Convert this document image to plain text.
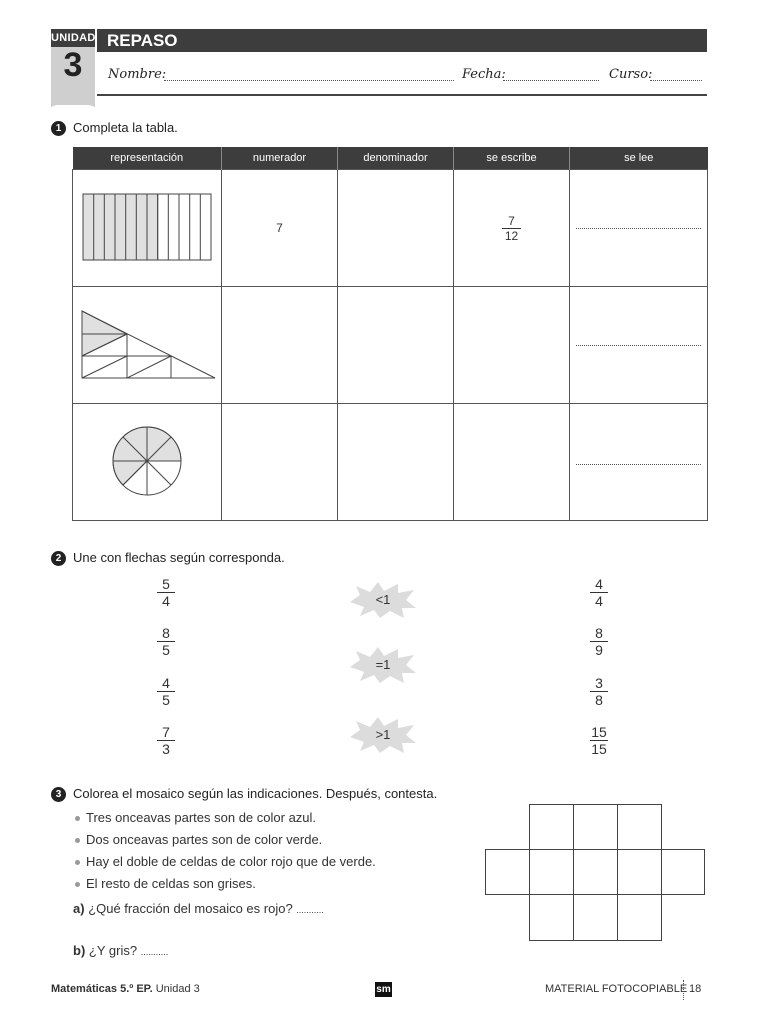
UNIDAD
3
REPASO
Nombre:	Fecha:	Curso:
1 Completa la tabla.
representación	numerador	denominador	se escribe	se lee
	7		$\frac{7}{12}$

2 Une con flechas según corresponda.
5
4
8
5
4
5
7
3
<1
=1
>1
4
4
8
9
3
8
15
15
3 Colorea el mosaico según las indicaciones. Después, contesta.
Tres onceavas partes son de color azul.
Dos onceavas partes son de color verde.
Hay el doble de celdas de color rojo que de verde.
El resto de celdas son grises.
a) ¿Qué fracción del mosaico es rojo? ...........
b) ¿Y gris? ...........
Matemáticas 5.º EP. Unidad 3	sm	MATERIAL FOTOCOPIABLE 18
